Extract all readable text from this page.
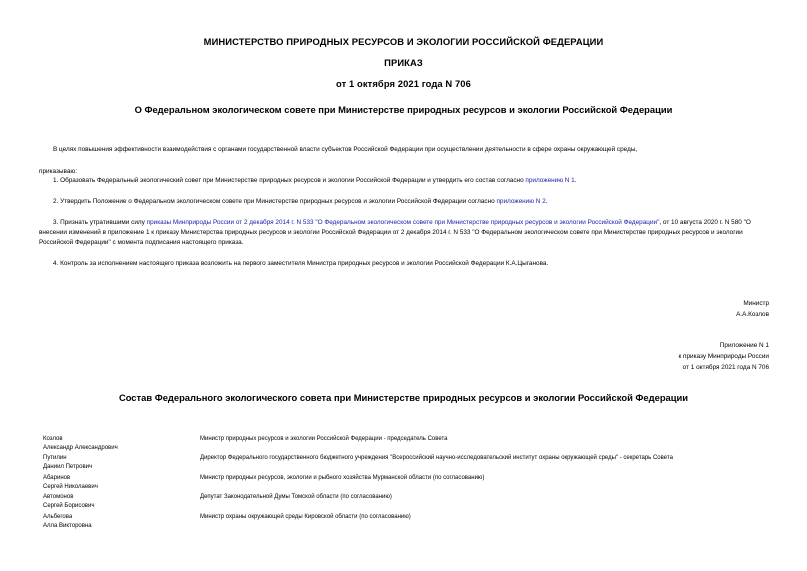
МИНИСТЕРСТВО ПРИРОДНЫХ РЕСУРСОВ И ЭКОЛОГИИ РОССИЙСКОЙ ФЕДЕРАЦИИ
ПРИКАЗ
от 1 октября 2021 года N 706
О Федеральном экологическом совете при Министерстве природных ресурсов и экологии Российской Федерации
В целях повышения эффективности взаимодействия с органами государственной власти субъектов Российской Федерации при осуществлении деятельности в сфере охраны окружающей среды,
приказываю:
1. Образовать Федеральный экологический совет при Министерстве природных ресурсов и экологии Российской Федерации и утвердить его состав согласно приложению N 1.
2. Утвердить Положение о Федеральном экологическом совете при Министерстве природных ресурсов и экологии Российской Федерации согласно приложению N 2.
3. Признать утратившими силу приказы Минприроды России от 2 декабря 2014 г. N 533 "О Федеральном экологическом совете при Министерстве природных ресурсов и экологии Российской Федерации", от 10 августа 2020 г. N 580 "О внесении изменений в приложение 1 к приказу Министерства природных ресурсов и экологии Российской Федерации от 2 декабря 2014 г. N 533 "О Федеральном экологическом совете при Министерстве природных ресурсов и экологии Российской Федерации" с момента подписания настоящего приказа.
4. Контроль за исполнением настоящего приказа возложить на первого заместителя Министра природных ресурсов и экологии Российской Федерации К.А.Цыганова.
Министр
А.А.Козлов
Приложение N 1
к приказу Минприроды России
от 1 октября 2021 года N 706
Состав Федерального экологического совета при Министерстве природных ресурсов и экологии Российской Федерации
Козлов
Александр Александрович
Министр природных ресурсов и экологии Российской Федерации - председатель Совета
Путилин
Даниил Петрович
Директор Федерального государственного бюджетного учреждения "Всероссийский научно-исследовательский институт охраны окружающей среды" - секретарь Совета
Абаринов
Сергей Николаевич
Министр природных ресурсов, экологии и рыбного хозяйства Мурманской области (по согласованию)
Автомонов
Сергей Борисович
Депутат Законодательной Думы Томской области (по согласованию)
Альбегова
Алла Викторовна
Министр охраны окружающей среды Кировской области (по согласованию)
